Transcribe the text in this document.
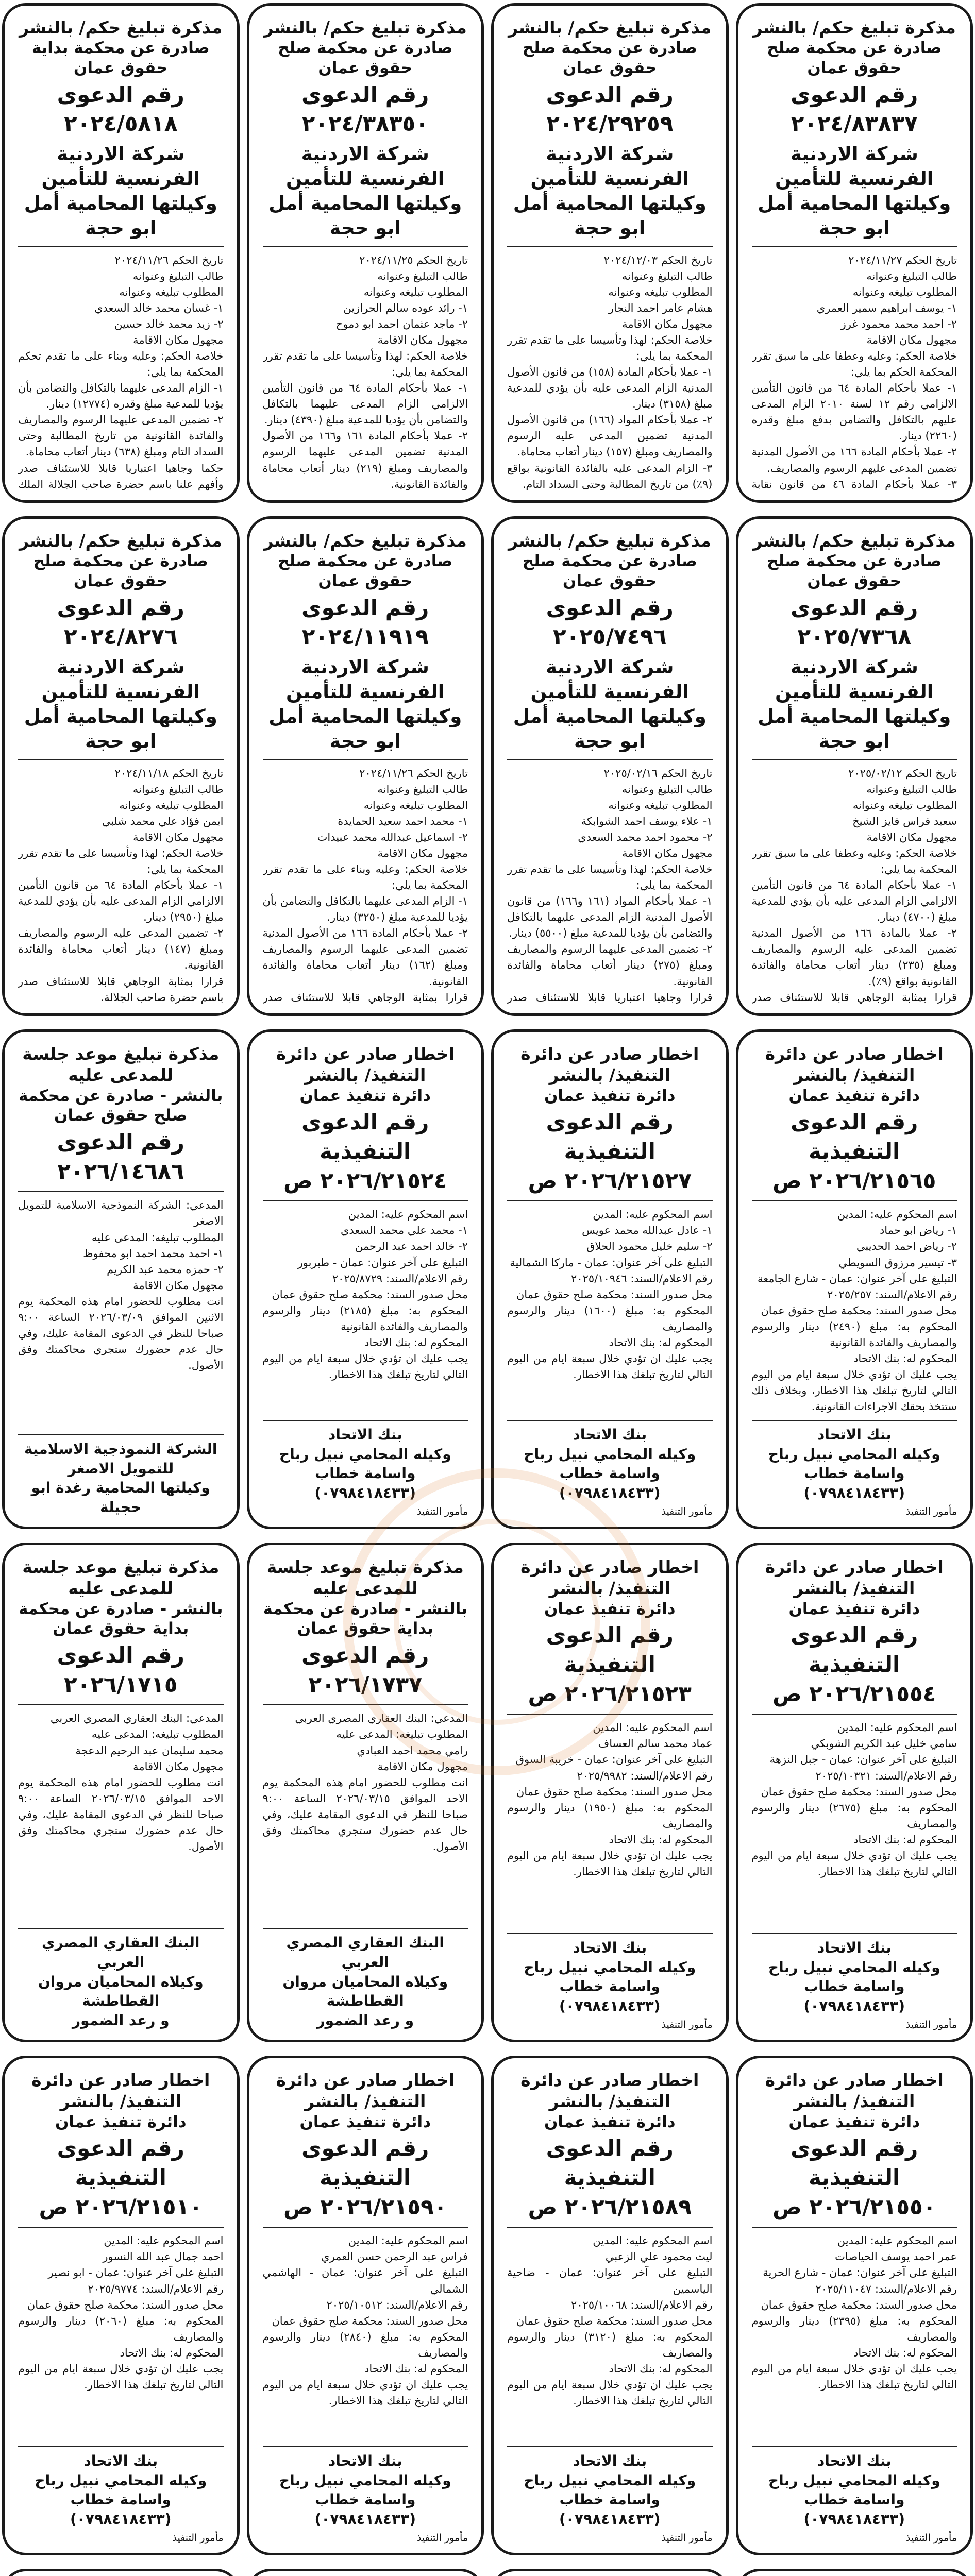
مذكرة تبليغ حكم/ بالنشر
صادرة عن محكمة صلح حقوق عمان
رقم الدعوى ٢٠٢٤/٨٣٨٣٧
شركة الاردنية الفرنسية للتأمين
وكيلتها المحامية أمل ابو حجة
تاريخ الحكم ٢٠٢٤/١١/٢٧
طالب التبليغ وعنوانه
المطلوب تبليغه وعنوانه
١- يوسف ابراهيم سمير العمري
٢- احمد محمد محمود غرز
مجهول مكان الاقامة
خلاصة الحكم: وعليه وعطفا على ما سبق تقرر المحكمة الحكم بما يلي:
١- عملا بأحكام المادة ٦٤ من قانون التأمين الالزامي رقم ١٢ لسنة ٢٠١٠ الزام المدعى عليهم بالتكافل والتضامن بدفع مبلغ وقدره (٢٢٦٠) دينار.
٢- عملا بأحكام المادة ١٦٦ من الأصول المدنية تضمين المدعى عليهم الرسوم والمصاريف.
٣- عملا بأحكام المادة ٤٦ من قانون نقابة

مذكرة تبليغ حكم/ بالنشر
صادرة عن محكمة صلح حقوق عمان
رقم الدعوى ٢٠٢٤/٢٩٢٥٩
شركة الاردنية الفرنسية للتأمين
وكيلتها المحامية أمل ابو حجة
تاريخ الحكم ٢٠٢٤/١٢/٠٣
طالب التبليغ وعنوانه
المطلوب تبليغه وعنوانه
هشام عامر احمد النجار
مجهول مكان الاقامة
خلاصة الحكم: لهذا وتأسيسا على ما تقدم تقرر المحكمة بما يلي:
١- عملا بأحكام المادة (١٥٨) من قانون الأصول المدنية الزام المدعى عليه بأن يؤدي للمدعية مبلغ (٣١٥٨) دينار.
٢- عملا بأحكام المواد (١٦٦) من قانون الأصول المدنية تضمين المدعى عليه الرسوم والمصاريف ومبلغ (١٥٧) دينار أتعاب محاماة.
٣- الزام المدعى عليه بالفائدة القانونية بواقع (٩٪) من تاريخ المطالبة وحتى السداد التام.

مذكرة تبليغ حكم/ بالنشر
صادرة عن محكمة صلح حقوق عمان
رقم الدعوى ٢٠٢٤/٣٨٣٥٠
شركة الاردنية الفرنسية للتأمين
وكيلتها المحامية أمل ابو حجة
تاريخ الحكم ٢٠٢٤/١١/٢٥
طالب التبليغ وعنوانه
المطلوب تبليغه وعنوانه
١- رائد عوده سالم الحرازين
٢- ماجد عثمان احمد ابو دموح
مجهول مكان الاقامة
خلاصة الحكم: لهذا وتأسيسا على ما تقدم تقرر المحكمة بما يلي:
١- عملا بأحكام المادة ٦٤ من قانون التأمين الالزامي الزام المدعى عليهما بالتكافل والتضامن بأن يؤديا للمدعية مبلغ (٤٣٩٠) دينار.
٢- عملا بأحكام المادة ١٦١ و١٦٦ من الأصول المدنية تضمين المدعى عليهما الرسوم والمصاريف ومبلغ (٢١٩) دينار أتعاب محاماة والفائدة القانونية.

مذكرة تبليغ حكم/ بالنشر
صادرة عن محكمة بداية حقوق عمان
رقم الدعوى ٢٠٢٤/٥٨١٨
شركة الاردنية الفرنسية للتأمين
وكيلتها المحامية أمل ابو حجة
تاريخ الحكم ٢٠٢٤/١١/٢٦
طالب التبليغ وعنوانه
المطلوب تبليغه وعنوانه
١- غسان محمد خالد السعدي
٢- زيد محمد خالد حسين
مجهول مكان الاقامة
خلاصة الحكم: وعليه وبناء على ما تقدم تحكم المحكمة بما يلي:
١- الزام المدعى عليهما بالتكافل والتضامن بأن يؤديا للمدعية مبلغ وقدره (١٢٧٧٤) دينار.
٢- تضمين المدعى عليهما الرسوم والمصاريف والفائدة القانونية من تاريخ المطالبة وحتى السداد التام ومبلغ (٦٣٨) دينار أتعاب محاماة.
حكما وجاهيا اعتباريا قابلا للاستئناف صدر وأفهم علنا باسم حضرة صاحب الجلالة الملك
مذكرة تبليغ حكم/ بالنشر
صادرة عن محكمة صلح حقوق عمان
رقم الدعوى ٢٠٢٥/٧٣٦٨
شركة الاردنية الفرنسية للتأمين
وكيلتها المحامية أمل ابو حجة
تاريخ الحكم ٢٠٢٥/٠٢/١٢
طالب التبليغ وعنوانه
المطلوب تبليغه وعنوانه
سعيد فراس فايز الشيخ
مجهول مكان الاقامة
خلاصة الحكم: وعليه وعطفا على ما سبق تقرر المحكمة بما يلي:
١- عملا بأحكام المادة ٦٤ من قانون التأمين الالزامي الزام المدعى عليه بأن يؤدي للمدعية مبلغ (٤٧٠٠) دينار.
٢- عملا بالمادة ١٦٦ من الأصول المدنية تضمين المدعى عليه الرسوم والمصاريف ومبلغ (٢٣٥) دينار أتعاب محاماة والفائدة القانونية بواقع (٩٪).
قرارا بمثابة الوجاهي قابلا للاستئناف صدر
مذكرة تبليغ حكم/ بالنشر
صادرة عن محكمة صلح حقوق عمان
رقم الدعوى ٢٠٢٥/٧٤٩٦
شركة الاردنية الفرنسية للتأمين
وكيلتها المحامية أمل ابو حجة
تاريخ الحكم ٢٠٢٥/٠٢/١٦
طالب التبليغ وعنوانه
المطلوب تبليغه وعنوانه
١- علاء يوسف احمد الشوابكة
٢- محمود احمد محمد السعدي
مجهول مكان الاقامة
خلاصة الحكم: لهذا وتأسيسا على ما تقدم تقرر المحكمة بما يلي:
١- عملا بأحكام المواد (١٦١ و١٦٦) من قانون الأصول المدنية الزام المدعى عليهما بالتكافل والتضامن بأن يؤديا للمدعية مبلغ (٥٥٠٠) دينار.
٢- تضمين المدعى عليهما الرسوم والمصاريف ومبلغ (٢٧٥) دينار أتعاب محاماة والفائدة القانونية.
قرارا وجاهيا اعتباريا قابلا للاستئناف صدر
مذكرة تبليغ حكم/ بالنشر
صادرة عن محكمة صلح حقوق عمان
رقم الدعوى ٢٠٢٤/١١٩١٩
شركة الاردنية الفرنسية للتأمين
وكيلتها المحامية أمل ابو حجة
تاريخ الحكم ٢٠٢٤/١١/٢٦
طالب التبليغ وعنوانه
المطلوب تبليغه وعنوانه
١- محمد احمد سعيد الحمايدة
٢- اسماعيل عبدالله محمد عبيدات
مجهول مكان الاقامة
خلاصة الحكم: وعليه وبناء على ما تقدم تقرر المحكمة بما يلي:
١- الزام المدعى عليهما بالتكافل والتضامن بأن يؤديا للمدعية مبلغ (٣٢٥٠) دينار.
٢- عملا بأحكام المادة ١٦٦ من الأصول المدنية تضمين المدعى عليهما الرسوم والمصاريف ومبلغ (١٦٢) دينار أتعاب محاماة والفائدة القانونية.
قرارا بمثابة الوجاهي قابلا للاستئناف صدر
مذكرة تبليغ حكم/ بالنشر
صادرة عن محكمة صلح حقوق عمان
رقم الدعوى ٢٠٢٤/٨٢٧٦
شركة الاردنية الفرنسية للتأمين
وكيلتها المحامية أمل ابو حجة
تاريخ الحكم ٢٠٢٤/١١/١٨
طالب التبليغ وعنوانه
المطلوب تبليغه وعنوانه
ايمن فؤاد علي محمد شلبي
مجهول مكان الاقامة
خلاصة الحكم: لهذا وتأسيسا على ما تقدم تقرر المحكمة بما يلي:
١- عملا بأحكام المادة ٦٤ من قانون التأمين الالزامي الزام المدعى عليه بأن يؤدي للمدعية مبلغ (٢٩٥٠) دينار.
٢- تضمين المدعى عليه الرسوم والمصاريف ومبلغ (١٤٧) دينار أتعاب محاماة والفائدة القانونية.
قرارا بمثابة الوجاهي قابلا للاستئناف صدر باسم حضرة صاحب الجلالة.
اخطار صادر عن دائرة التنفيذ/ بالنشر
دائرة تنفيذ عمان
رقم الدعوى التنفيذية
٢٠٢٦/٢١٥٦٥ ص
اسم المحكوم عليه: المدين
١- رياض ابو حماد
٢- رياض احمد الحديبي
٣- تيسير مرزوق السويطي
التبليغ على آخر عنوان: عمان - شارع الجامعة
رقم الاعلام/السند: ٢٠٢٥/٢٥٧
محل صدور السند: محكمة صلح حقوق عمان
المحكوم به: مبلغ (٢٤٩٠) دينار والرسوم والمصاريف والفائدة القانونية
المحكوم له: بنك الاتحاد
يجب عليك ان تؤدي خلال سبعة ايام من اليوم التالي لتاريخ تبلغك هذا الاخطار، وبخلاف ذلك ستتخذ بحقك الاجراءات القانونية.
بنك الاتحاد
وكيله المحامي نبيل رباح واسامة خطاب
(٠٧٩٨٤١٨٤٣٣)
مأمور التنفيذ
اخطار صادر عن دائرة التنفيذ/ بالنشر
دائرة تنفيذ عمان
رقم الدعوى التنفيذية
٢٠٢٦/٢١٥٢٧ ص
اسم المحكوم عليه: المدين
١- عادل عبدالله محمد عويس
٢- سليم خليل محمود الحلاق
التبليغ على آخر عنوان: عمان - ماركا الشمالية
رقم الاعلام/السند: ٢٠٢٥/١٠٩٤٦
محل صدور السند: محكمة صلح حقوق عمان
المحكوم به: مبلغ (١٦٠٠) دينار والرسوم والمصاريف
المحكوم له: بنك الاتحاد
يجب عليك ان تؤدي خلال سبعة ايام من اليوم التالي لتاريخ تبلغك هذا الاخطار.
بنك الاتحاد
وكيله المحامي نبيل رباح واسامة خطاب
(٠٧٩٨٤١٨٤٣٣)
مأمور التنفيذ
اخطار صادر عن دائرة التنفيذ/ بالنشر
دائرة تنفيذ عمان
رقم الدعوى التنفيذية
٢٠٢٦/٢١٥٢٤ ص
اسم المحكوم عليه: المدين
١- محمد علي محمد السعدي
٢- خالد احمد عبد الرحمن
التبليغ على آخر عنوان: عمان - طبربور
رقم الاعلام/السند: ٢٠٢٥/٨٧٢٩
محل صدور السند: محكمة صلح حقوق عمان
المحكوم به: مبلغ (٢١٨٥) دينار والرسوم والمصاريف والفائدة القانونية
المحكوم له: بنك الاتحاد
يجب عليك ان تؤدي خلال سبعة ايام من اليوم التالي لتاريخ تبلغك هذا الاخطار.
بنك الاتحاد
وكيله المحامي نبيل رباح واسامة خطاب
(٠٧٩٨٤١٨٤٣٣)
مأمور التنفيذ
مذكرة تبليغ موعد جلسة للمدعى عليه
بالنشر - صادرة عن محكمة صلح حقوق عمان
رقم الدعوى ٢٠٢٦/١٤٦٨٦
المدعي: الشركة النموذجية الاسلامية للتمويل الاصغر
المطلوب تبليغه: المدعى عليه
١- احمد محمد احمد ابو محفوظ
٢- حمزه محمد عبد الكريم
مجهول مكان الاقامة
انت مطلوب للحضور امام هذه المحكمة يوم الاثنين الموافق ٢٠٢٦/٠٣/٠٩ الساعة ٩:٠٠ صباحا للنظر في الدعوى المقامة عليك، وفي حال عدم حضورك ستجري محاكمتك وفق الأصول.
الشركة النموذجية الاسلامية للتمويل الاصغر
وكيلتها المحامية رغدة ابو حجيلة
اخطار صادر عن دائرة التنفيذ/ بالنشر
دائرة تنفيذ عمان
رقم الدعوى التنفيذية
٢٠٢٦/٢١٥٥٤ ص
اسم المحكوم عليه: المدين
سامي خليل عبد الكريم الشوبكي
التبليغ على آخر عنوان: عمان - جبل النزهة
رقم الاعلام/السند: ٢٠٢٥/١٠٣٢١
محل صدور السند: محكمة صلح حقوق عمان
المحكوم به: مبلغ (٢٦٧٥) دينار والرسوم والمصاريف
المحكوم له: بنك الاتحاد
يجب عليك ان تؤدي خلال سبعة ايام من اليوم التالي لتاريخ تبلغك هذا الاخطار.
بنك الاتحاد
وكيله المحامي نبيل رباح واسامة خطاب
(٠٧٩٨٤١٨٤٣٣)
مأمور التنفيذ
اخطار صادر عن دائرة التنفيذ/ بالنشر
دائرة تنفيذ عمان
رقم الدعوى التنفيذية
٢٠٢٦/٢١٥٢٣ ص
اسم المحكوم عليه: المدين
عماد محمد سالم العساف
التبليغ على آخر عنوان: عمان - خريبة السوق
رقم الاعلام/السند: ٢٠٢٥/٩٩٨٢
محل صدور السند: محكمة صلح حقوق عمان
المحكوم به: مبلغ (١٩٥٠) دينار والرسوم والمصاريف
المحكوم له: بنك الاتحاد
يجب عليك ان تؤدي خلال سبعة ايام من اليوم التالي لتاريخ تبلغك هذا الاخطار.
بنك الاتحاد
وكيله المحامي نبيل رباح واسامة خطاب
(٠٧٩٨٤١٨٤٣٣)
مأمور التنفيذ
مذكرة تبليغ موعد جلسة للمدعى عليه
بالنشر - صادرة عن محكمة بداية حقوق عمان
رقم الدعوى ٢٠٢٦/١٧٣٧
المدعي: البنك العقاري المصري العربي
المطلوب تبليغه: المدعى عليه
رامي محمد احمد العبادي
مجهول مكان الاقامة
انت مطلوب للحضور امام هذه المحكمة يوم الاحد الموافق ٢٠٢٦/٠٣/١٥ الساعة ٩:٠٠ صباحا للنظر في الدعوى المقامة عليك، وفي حال عدم حضورك ستجري محاكمتك وفق الأصول.
البنك العقاري المصري العربي
وكيلاه المحاميان مروان القطاطشة
و رعد الضمور
مذكرة تبليغ موعد جلسة للمدعى عليه
بالنشر - صادرة عن محكمة بداية حقوق عمان
رقم الدعوى ٢٠٢٦/١٧١٥
المدعي: البنك العقاري المصري العربي
المطلوب تبليغه: المدعى عليه
محمد سليمان عبد الرحيم الدعجة
مجهول مكان الاقامة
انت مطلوب للحضور امام هذه المحكمة يوم الاحد الموافق ٢٠٢٦/٠٣/١٥ الساعة ٩:٠٠ صباحا للنظر في الدعوى المقامة عليك، وفي حال عدم حضورك ستجري محاكمتك وفق الأصول.
البنك العقاري المصري العربي
وكيلاه المحاميان مروان القطاطشة
و رعد الضمور
اخطار صادر عن دائرة التنفيذ/ بالنشر
دائرة تنفيذ عمان
رقم الدعوى التنفيذية
٢٠٢٦/٢١٥٥٠ ص
اسم المحكوم عليه: المدين
عمر احمد يوسف الحياصات
التبليغ على آخر عنوان: عمان - شارع الحرية
رقم الاعلام/السند: ٢٠٢٥/١١٠٤٧
محل صدور السند: محكمة صلح حقوق عمان
المحكوم به: مبلغ (٢٣٩٥) دينار والرسوم والمصاريف
المحكوم له: بنك الاتحاد
يجب عليك ان تؤدي خلال سبعة ايام من اليوم التالي لتاريخ تبلغك هذا الاخطار.
بنك الاتحاد
وكيله المحامي نبيل رباح واسامة خطاب
(٠٧٩٨٤١٨٤٣٣)
مأمور التنفيذ
اخطار صادر عن دائرة التنفيذ/ بالنشر
دائرة تنفيذ عمان
رقم الدعوى التنفيذية
٢٠٢٦/٢١٥٨٩ ص
اسم المحكوم عليه: المدين
ليث محمود علي الزعبي
التبليغ على آخر عنوان: عمان - ضاحية الياسمين
رقم الاعلام/السند: ٢٠٢٥/١٠٠٦٨
محل صدور السند: محكمة صلح حقوق عمان
المحكوم به: مبلغ (٣١٢٠) دينار والرسوم والمصاريف
المحكوم له: بنك الاتحاد
يجب عليك ان تؤدي خلال سبعة ايام من اليوم التالي لتاريخ تبلغك هذا الاخطار.
بنك الاتحاد
وكيله المحامي نبيل رباح واسامة خطاب
(٠٧٩٨٤١٨٤٣٣)
مأمور التنفيذ
اخطار صادر عن دائرة التنفيذ/ بالنشر
دائرة تنفيذ عمان
رقم الدعوى التنفيذية
٢٠٢٦/٢١٥٩٠ ص
اسم المحكوم عليه: المدين
فراس عبد الرحمن حسن العمري
التبليغ على آخر عنوان: عمان - الهاشمي الشمالي
رقم الاعلام/السند: ٢٠٢٥/١٠٥١٢
محل صدور السند: محكمة صلح حقوق عمان
المحكوم به: مبلغ (٢٨٤٠) دينار والرسوم والمصاريف
المحكوم له: بنك الاتحاد
يجب عليك ان تؤدي خلال سبعة ايام من اليوم التالي لتاريخ تبلغك هذا الاخطار.
بنك الاتحاد
وكيله المحامي نبيل رباح واسامة خطاب
(٠٧٩٨٤١٨٤٣٣)
مأمور التنفيذ
اخطار صادر عن دائرة التنفيذ/ بالنشر
دائرة تنفيذ عمان
رقم الدعوى التنفيذية
٢٠٢٦/٢١٥١٠ ص
اسم المحكوم عليه: المدين
احمد جمال عبد الله النسور
التبليغ على آخر عنوان: عمان - ابو نصير
رقم الاعلام/السند: ٢٠٢٥/٩٧٧٤
محل صدور السند: محكمة صلح حقوق عمان
المحكوم به: مبلغ (٢٠٦٠) دينار والرسوم والمصاريف
المحكوم له: بنك الاتحاد
يجب عليك ان تؤدي خلال سبعة ايام من اليوم التالي لتاريخ تبلغك هذا الاخطار.
بنك الاتحاد
وكيله المحامي نبيل رباح واسامة خطاب
(٠٧٩٨٤١٨٤٣٣)
مأمور التنفيذ
